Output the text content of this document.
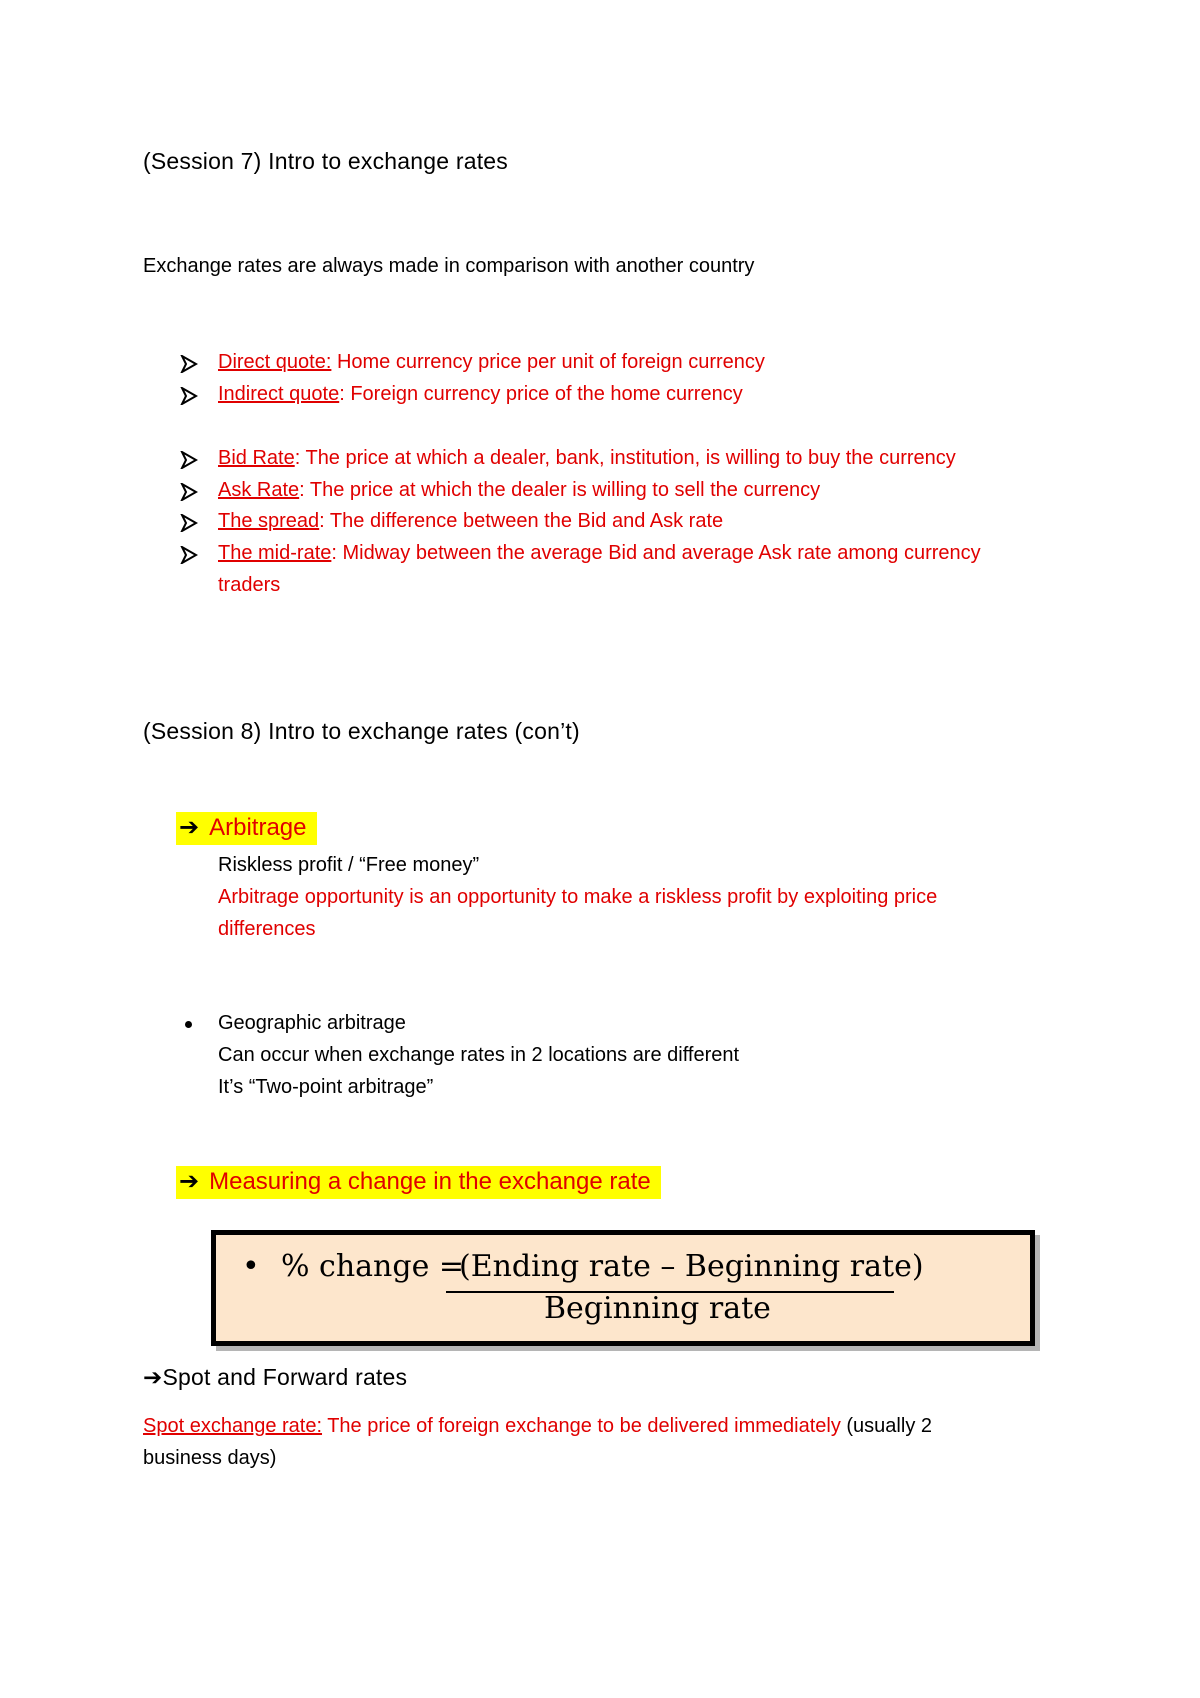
(Session 7) Intro to exchange rates
Exchange rates are always made in comparison with another country
Direct quote: Home currency price per unit of foreign currency
Indirect quote: Foreign currency price of the home currency
Bid Rate: The price at which a dealer, bank, institution, is willing to buy the currency
Ask Rate: The price at which the dealer is willing to sell the currency
The spread: The difference between the Bid and Ask rate
The mid-rate: Midway between the average Bid and average Ask rate among currency
traders
(Session 8) Intro to exchange rates (con’t)
➔ Arbitrage
Riskless profit / “Free money”
Arbitrage opportunity is an opportunity to make a riskless profit by exploiting price
differences
Geographic arbitrage
Can occur when exchange rates in 2 locations are different
It’s “Two-point arbitrage”
➔ Measuring a change in the exchange rate
• % change =
(Ending rate – Beginning rate)
Beginning rate
➔Spot and Forward rates
Spot exchange rate: The price of foreign exchange to be delivered immediately (usually 2
business days)
